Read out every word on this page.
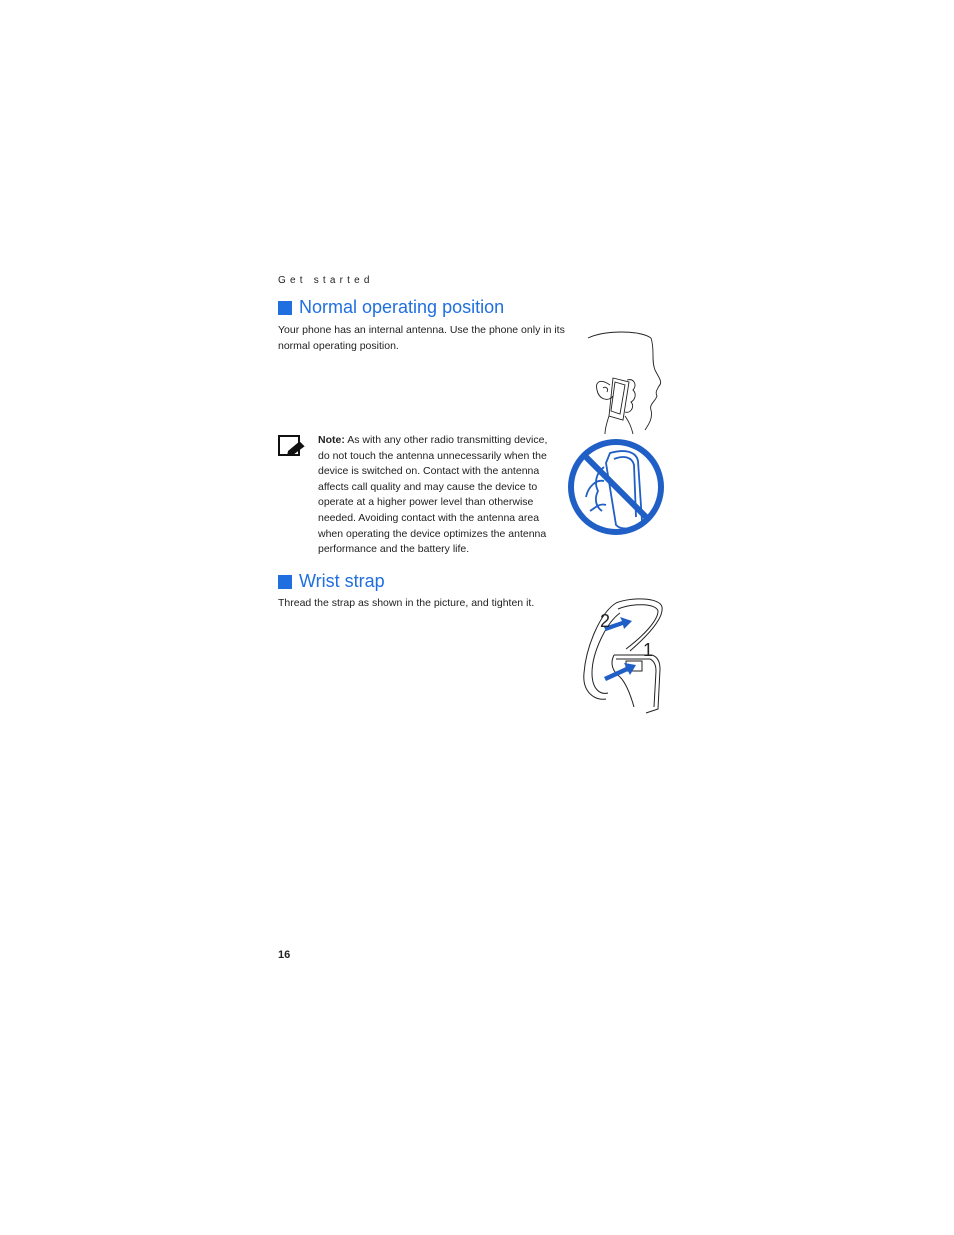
Get started
Normal operating position
Your phone has an internal antenna. Use the phone only in its normal operating position.
Note: As with any other radio transmitting device, do not touch the antenna unnecessarily when the device is switched on. Contact with the antenna affects call quality and may cause the device to operate at a higher power level than otherwise needed. Avoiding contact with the antenna area when operating the device optimizes the antenna performance and the battery life.
Wrist strap
Thread the strap as shown in the picture, and tighten it.
2
1
16
